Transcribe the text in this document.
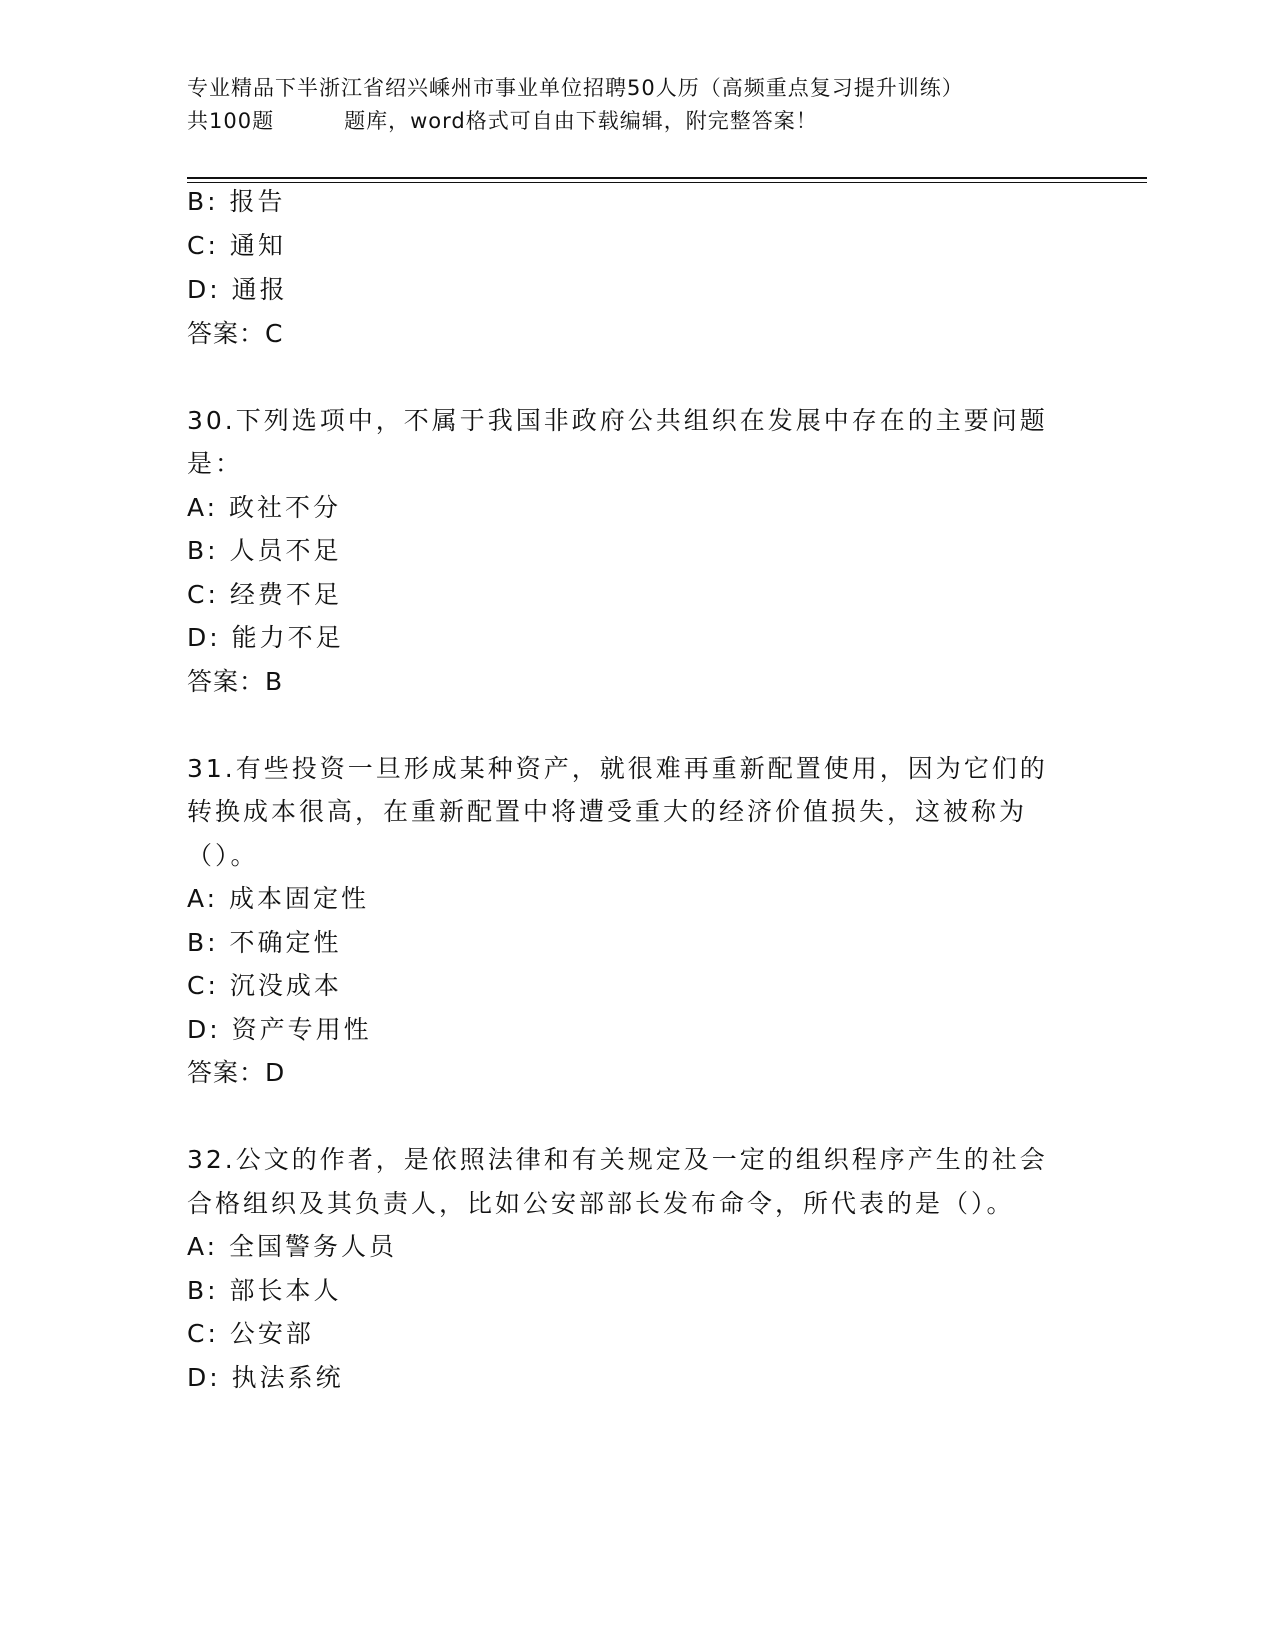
专业精品下半浙江省绍兴嵊州市事业单位招聘50人历（高频重点复习提升训练）
共100题	题库，word格式可自由下载编辑，附完整答案！
B: 报告
C: 通知
D: 通报
答案：C
30.下列选项中，不属于我国非政府公共组织在发展中存在的主要问题
是：
A: 政社不分
B: 人员不足
C: 经费不足
D: 能力不足
答案：B
31.有些投资一旦形成某种资产，就很难再重新配置使用，因为它们的
转换成本很高，在重新配置中将遭受重大的经济价值损失，这被称为
（）。
A: 成本固定性
B: 不确定性
C: 沉没成本
D: 资产专用性
答案：D
32.公文的作者，是依照法律和有关规定及一定的组织程序产生的社会
合格组织及其负责人，比如公安部部长发布命令，所代表的是（）。
A: 全国警务人员
B: 部长本人
C: 公安部
D: 执法系统
